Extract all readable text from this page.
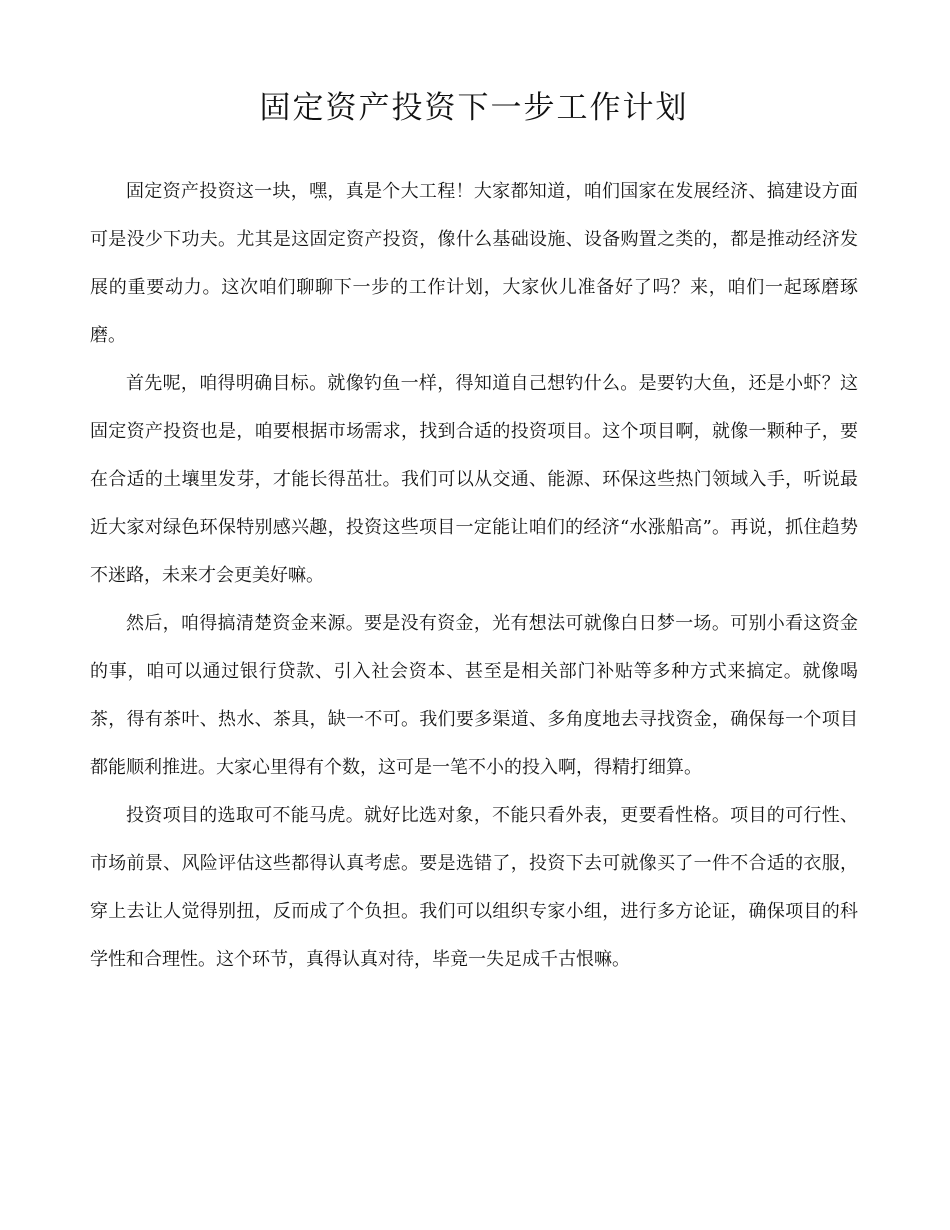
固定资产投资下一步工作计划

固定资产投资这一块，嘿，真是个大工程！大家都知道，咱们国家在发展经济、搞建设方面可是没少下功夫。尤其是这固定资产投资，像什么基础设施、设备购置之类的，都是推动经济发展的重要动力。这次咱们聊聊下一步的工作计划，大家伙儿准备好了吗？来，咱们一起琢磨琢磨。

首先呢，咱得明确目标。就像钓鱼一样，得知道自己想钓什么。是要钓大鱼，还是小虾？这固定资产投资也是，咱要根据市场需求，找到合适的投资项目。这个项目啊，就像一颗种子，要在合适的土壤里发芽，才能长得茁壮。我们可以从交通、能源、环保这些热门领域入手，听说最近大家对绿色环保特别感兴趣，投资这些项目一定能让咱们的经济“水涨船高”。再说，抓住趋势不迷路，未来才会更美好嘛。

然后，咱得搞清楚资金来源。要是没有资金，光有想法可就像白日梦一场。可别小看这资金的事，咱可以通过银行贷款、引入社会资本、甚至是相关部门补贴等多种方式来搞定。就像喝茶，得有茶叶、热水、茶具，缺一不可。我们要多渠道、多角度地去寻找资金，确保每一个项目都能顺利推进。大家心里得有个数，这可是一笔不小的投入啊，得精打细算。

投资项目的选取可不能马虎。就好比选对象，不能只看外表，更要看性格。项目的可行性、市场前景、风险评估这些都得认真考虑。要是选错了，投资下去可就像买了一件不合适的衣服，穿上去让人觉得别扭，反而成了个负担。我们可以组织专家小组，进行多方论证，确保项目的科学性和合理性。这个环节，真得认真对待，毕竟一失足成千古恨嘛。
